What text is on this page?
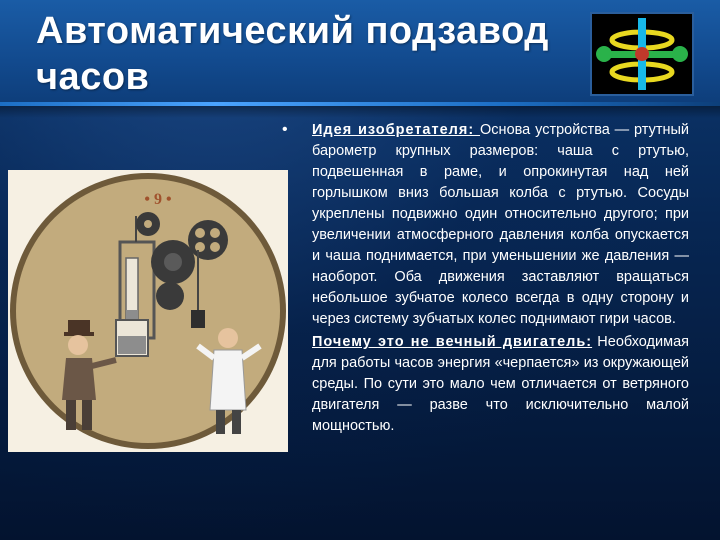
Автоматический подзавод часов
• 9 •
• Идея изобретателя: Основа устройства — ртутный барометр крупных размеров: чаша с ртутью, подвешенная в раме, и опрокинутая над ней горлышком вниз большая колба с ртутью. Сосуды укреплены подвижно один относительно другого; при увеличении атмосферного давления колба опускается и чаша поднимается, при уменьшении же давления — наоборот. Оба движения заставляют вращаться небольшое зубчатое колесо всегда в одну сторону и через систему зубчатых колес поднимают гири часов.

Почему это не вечный двигатель: Необходимая для работы часов энергия «черпается» из окружающей среды. По сути это мало чем отличается от ветряного двигателя — разве что исключительно малой мощностью.
